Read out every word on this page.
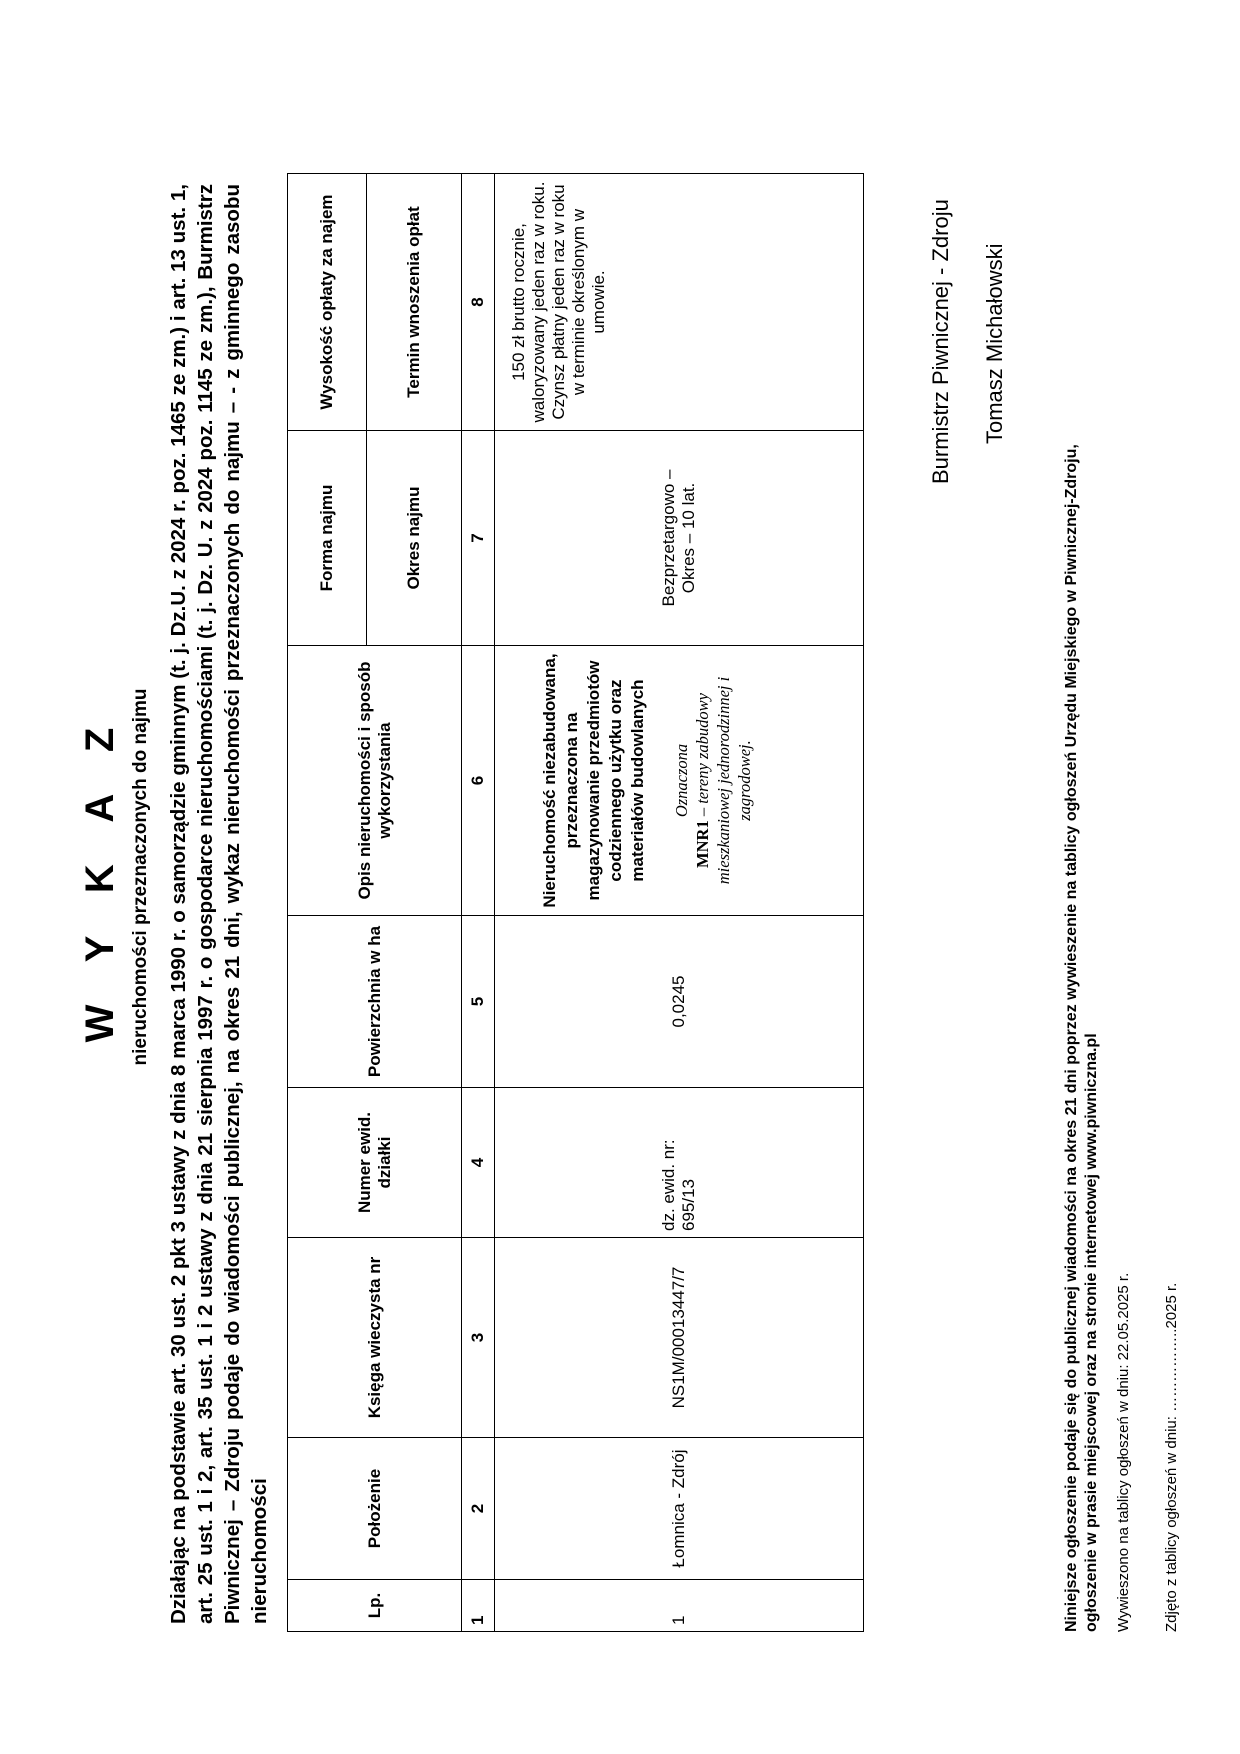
W Y K A Z nieruchomości przeznaczonych do najmu Działając na podstawie art. 30 ust. 2 pkt 3 ustawy z dnia 8 marca 1990 r. o samorządzie gminnym (t. j. Dz.U. z 2024 r. poz. 1465 ze zm.) i art. 13 ust. 1, art. 25 ust. 1 i 2, art. 35 ust. 1 i 2 ustawy z dnia 21 sierpnia 1997 r. o gospodarce nieruchomościami (t. j. Dz. U. z 2024 poz. 1145 ze zm.), Burmistrz Piwnicznej – Zdroju podaje do wiadomości publicznej, na okres 21 dni, wykaz nieruchomości przeznaczonych do najmu – - z gminnego zasobu nieruchomości	Lp.	Położenie	Księga wieczysta nr	Numer ewid. działki	Powierzchnia w ha	Opis nieruchomości i sposób wykorzystania	Forma najmu	Wysokość opłaty za najem
						Okres najmu	Termin wnoszenia opłat
1	2	3	4	5	6	7	8
1	Łomnica - Zdrój	NS1M/00013447/7	dz. ewid. nr: 695/13	0,0245	Nieruchomość niezabudowana, przeznaczona na magazynowanie przedmiotów codziennego użytku oraz materiałów budowlanych Oznaczona
MNR1 – tereny zabudowy mieszkaniowej jednorodzinnej i zagrodowej.	Bezprzetargowo – Okres – 10 lat.	150 zł brutto rocznie, waloryzowany jeden raz w roku. Czynsz płatny jeden raz w roku w terminie określonym w umowie.
Niniejsze ogłoszenie podaje się do publicznej wiadomości na okres 21 dni poprzez wywieszenie na tablicy ogłoszeń Urzędu Miejskiego w Piwnicznej-Zdroju, ogłoszenie w prasie miejscowej oraz na stronie internetowej www.piwniczna.pl Wywieszono na tablicy ogłoszeń w dniu: 22.05.2025 r. Zdjęto z tablicy ogłoszeń w dniu: ……………..2025 r.
Burmistrz Piwnicznej - Zdroju Tomasz Michałowski
